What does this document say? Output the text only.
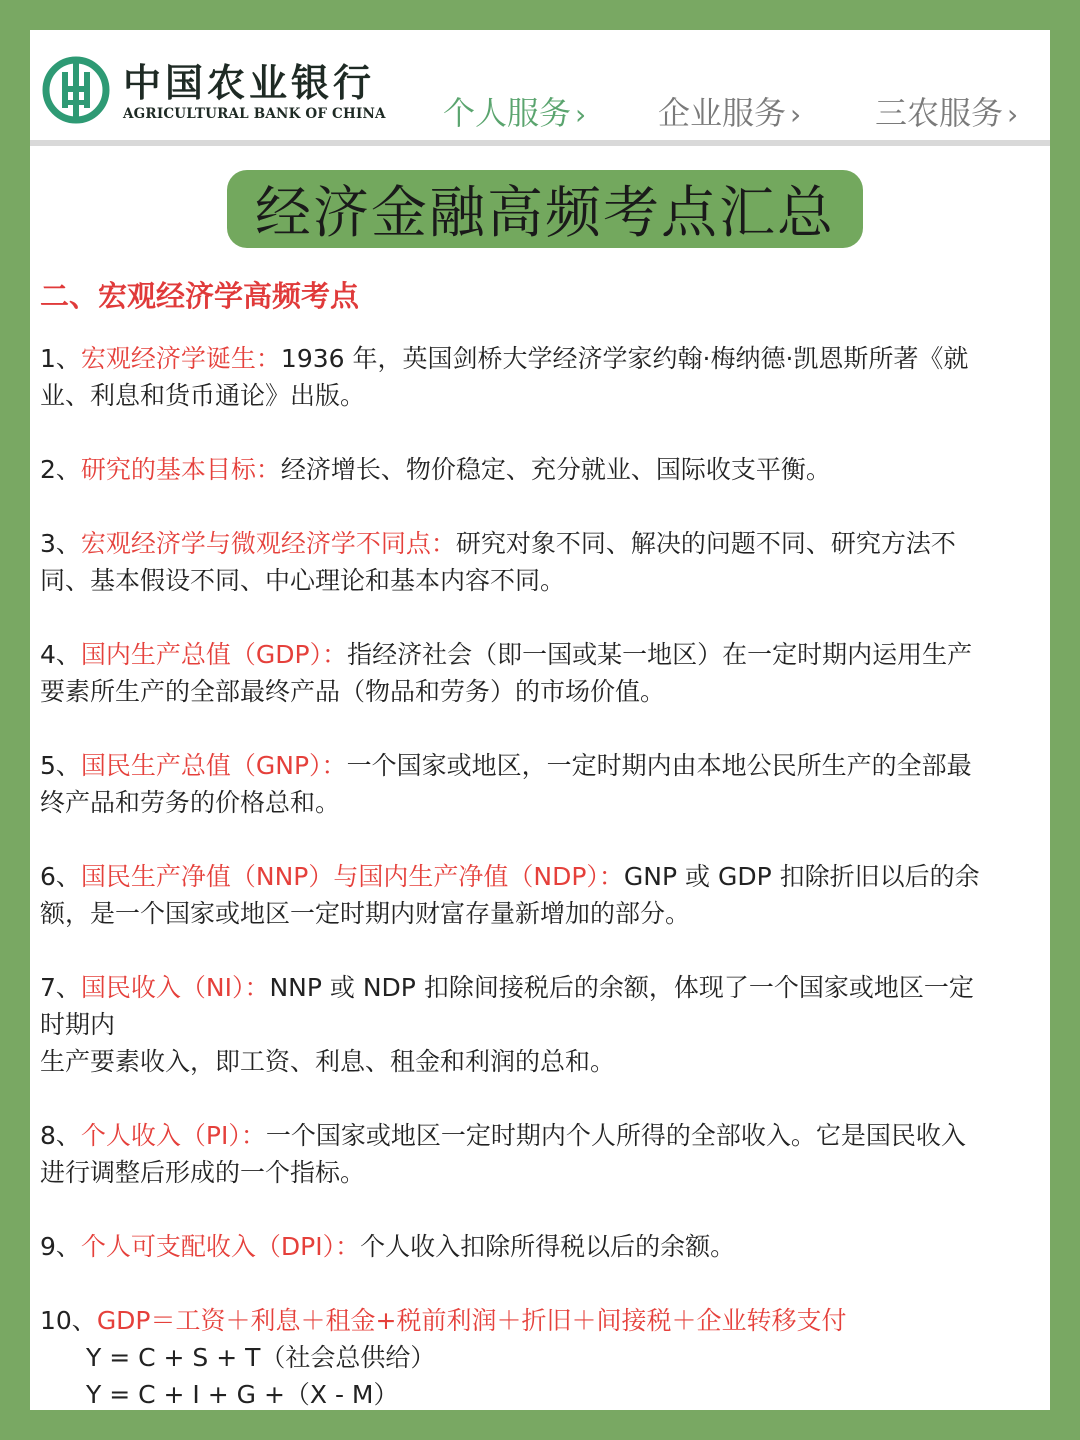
中国农业银行
AGRICULTURAL BANK OF CHINA 个人服务 › 企业服务 › 三农服务 ›
经济金融高频考点汇总
二、宏观经济学高频考点
1、宏观经济学诞生：1936 年，英国剑桥大学经济学家约翰·梅纳德·凯恩斯所著《就
业、利息和货币通论》出版。
2、研究的基本目标：经济增长、物价稳定、充分就业、国际收支平衡。
3、宏观经济学与微观经济学不同点：研究对象不同、解决的问题不同、研究方法不
同、基本假设不同、中心理论和基本内容不同。
4、国内生产总值（GDP）：指经济社会（即一国或某一地区）在一定时期内运用生产
要素所生产的全部最终产品（物品和劳务）的市场价值。
5、国民生产总值（GNP）：一个国家或地区，一定时期内由本地公民所生产的全部最
终产品和劳务的价格总和。
6、国民生产净值（NNP）与国内生产净值（NDP）：GNP 或 GDP 扣除折旧以后的余
额，是一个国家或地区一定时期内财富存量新增加的部分。
7、国民收入（NI）：NNP 或 NDP 扣除间接税后的余额，体现了一个国家或地区一定
时期内
生产要素收入，即工资、利息、租金和利润的总和。
8、个人收入（PI）：一个国家或地区一定时期内个人所得的全部收入。它是国民收入
进行调整后形成的一个指标。
9、个人可支配收入（DPI）：个人收入扣除所得税以后的余额。
10、GDP＝工资＋利息＋租金+税前利润＋折旧＋间接税＋企业转移支付
Y = C + S + T（社会总供给）
Y = C + I + G +（X - M）
